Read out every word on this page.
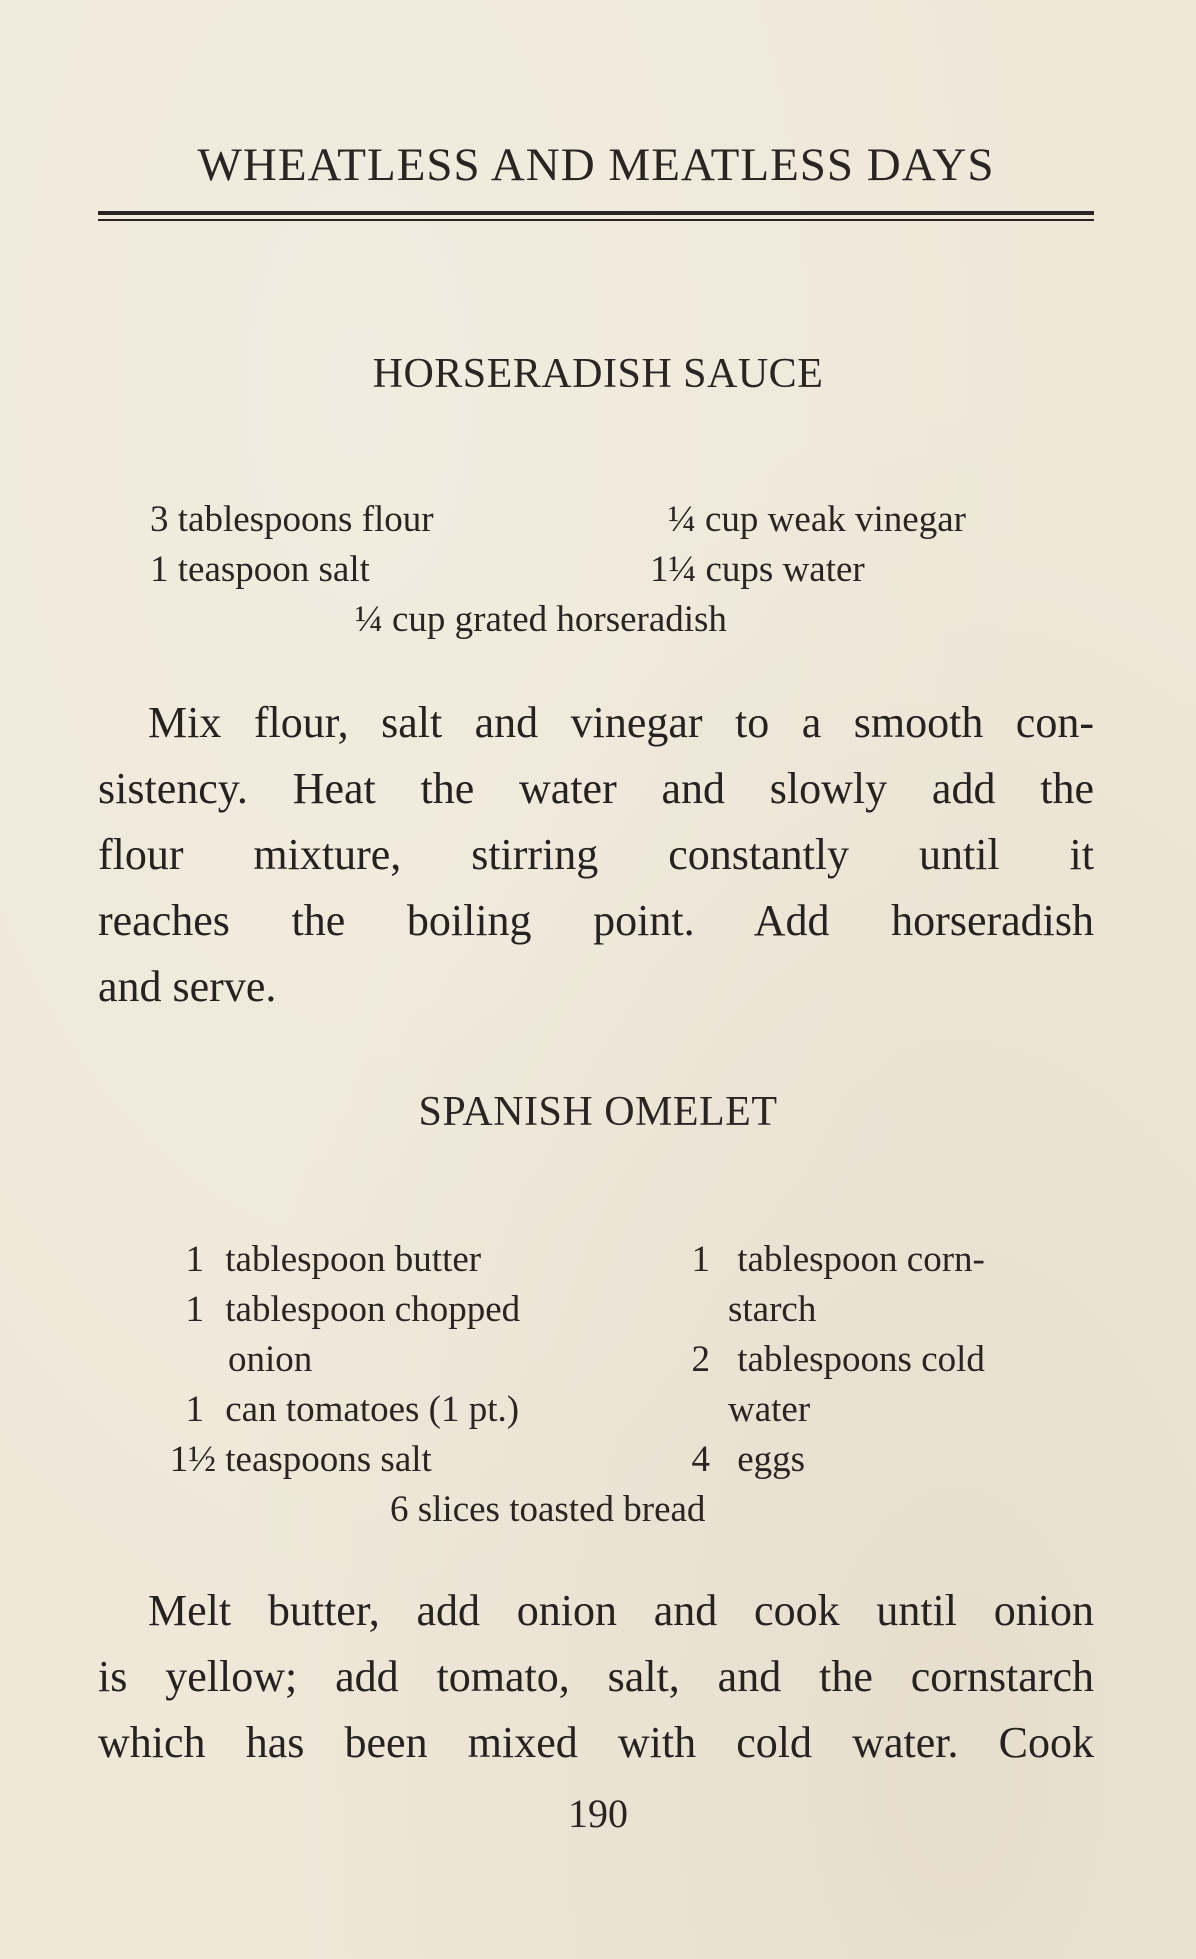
WHEATLESS AND MEATLESS DAYS
HORSERADISH SAUCE
3 tablespoons flour
1 teaspoon salt
¼ cup weak vinegar
1¼ cups water
¼ cup grated horseradish
Mix flour, salt and vinegar to a smooth con-
sistency. Heat the water and slowly add the
flour mixture, stirring constantly until it
reaches the boiling point. Add horseradish
and serve.
SPANISH OMELET
1 tablespoon butter
1 tablespoon chopped
onion
1 can tomatoes (1 pt.)
1½ teaspoons salt
1 tablespoon corn-
starch
2 tablespoons cold
water
4 eggs
6 slices toasted bread
Melt butter, add onion and cook until onion
is yellow; add tomato, salt, and the cornstarch
which has been mixed with cold water. Cook
190
